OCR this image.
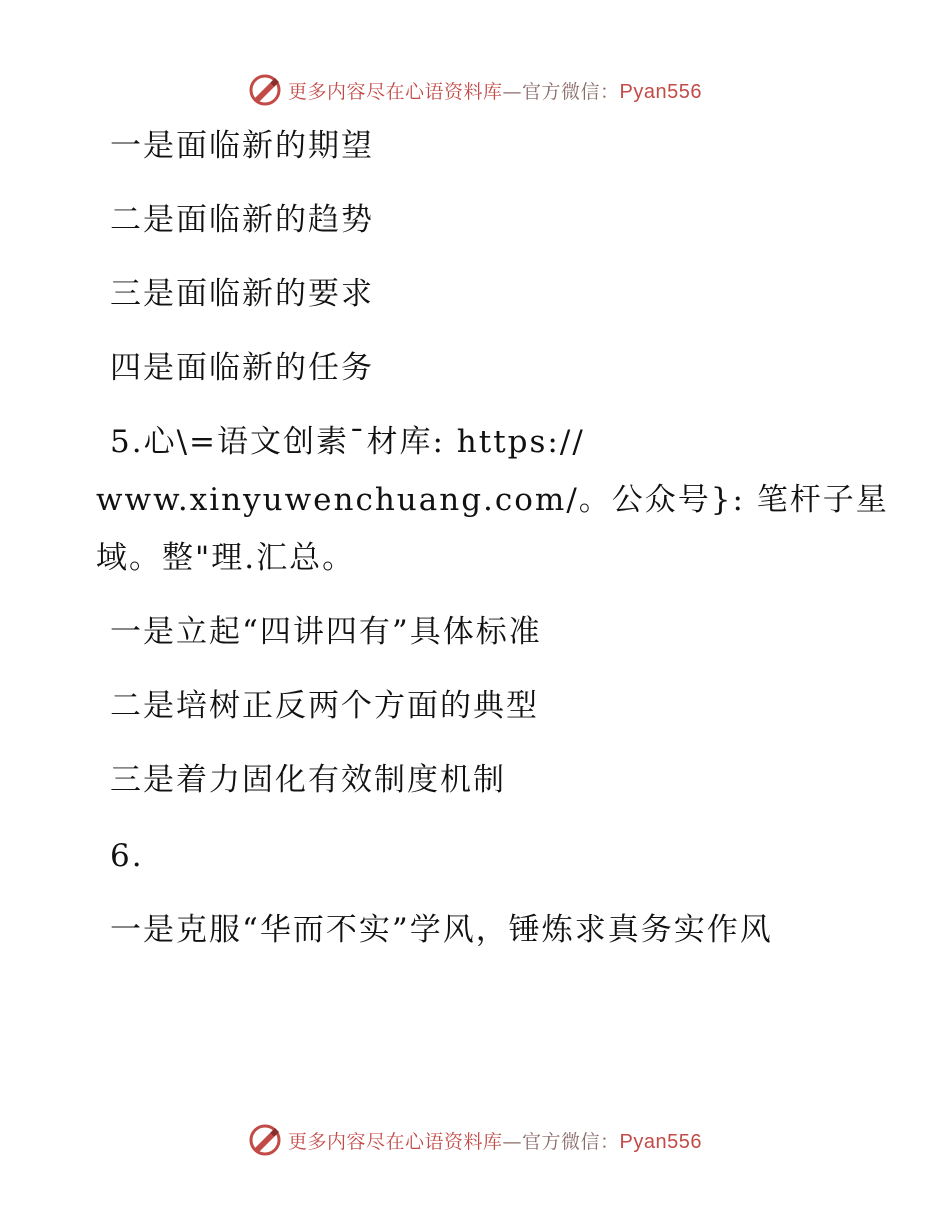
更多内容尽在心语资料库—官方微信：Pyan556
一是面临新的期望
二是面临新的趋势
三是面临新的要求
四是面临新的任务
5.心\=语文创素¯材库: https://
www.xinyuwenchuang.com/。公众号}: 笔杆子星
域。整"理.汇总。
一是立起“四讲四有”具体标准
二是培树正反两个方面的典型
三是着力固化有效制度机制
6.
一是克服“华而不实”学风，锤炼求真务实作风
更多内容尽在心语资料库—官方微信：Pyan556
